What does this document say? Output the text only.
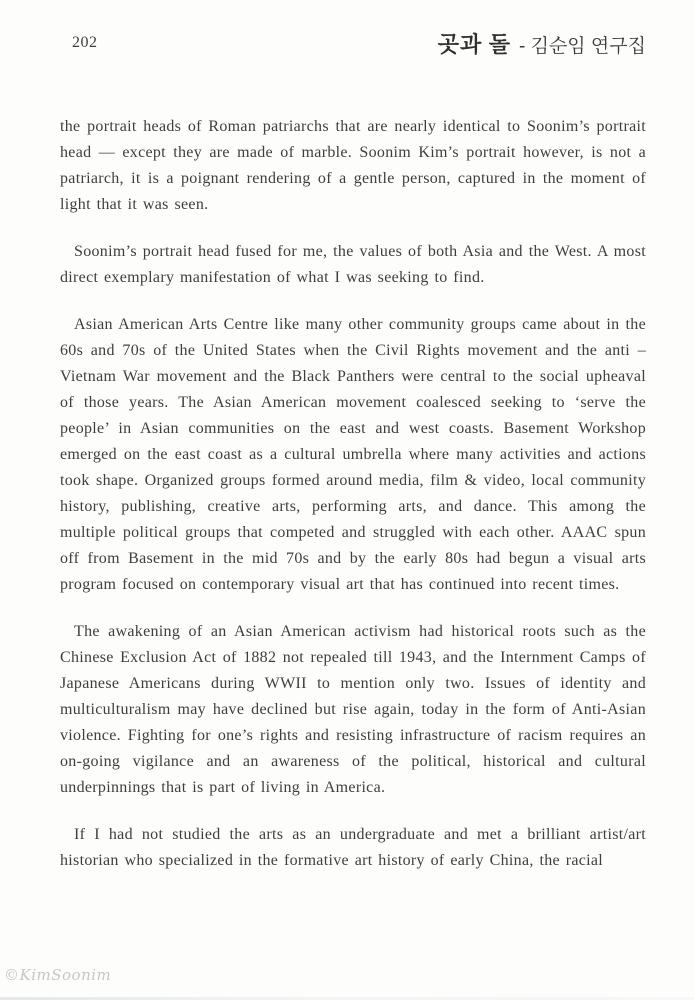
202	곳과 돌 - 김순임 연구집

the portrait heads of Roman patriarchs that are nearly identical to Soonim’s portrait head — except they are made of marble. Soonim Kim’s portrait however, is not a patriarch, it is a poignant rendering of a gentle person, captured in the moment of light that it was seen.

Soonim’s portrait head fused for me, the values of both Asia and the West. A most direct exemplary manifestation of what I was seeking to find.

Asian American Arts Centre like many other community groups came about in the 60s and 70s of the United States when the Civil Rights movement and the anti – Vietnam War movement and the Black Panthers were central to the social upheaval of those years. The Asian American movement coalesced seeking to ‘serve the people’ in Asian communities on the east and west coasts. Basement Workshop emerged on the east coast as a cultural umbrella where many activities and actions took shape. Organized groups formed around media, film & video, local community history, publishing, creative arts, performing arts, and dance. This among the multiple political groups that competed and struggled with each other. AAAC spun off from Basement in the mid 70s and by the early 80s had begun a visual arts program focused on contemporary visual art that has continued into recent times.

The awakening of an Asian American activism had historical roots such as the Chinese Exclusion Act of 1882 not repealed till 1943, and the Internment Camps of Japanese Americans during WWII to mention only two. Issues of identity and multiculturalism may have declined but rise again, today in the form of Anti-Asian violence. Fighting for one’s rights and resisting infrastructure of racism requires an on-going vigilance and an awareness of the political, historical and cultural underpinnings that is part of living in America.

If I had not studied the arts as an undergraduate and met a brilliant artist/art historian who specialized in the formative art history of early China, the racial

©KimSoonim
